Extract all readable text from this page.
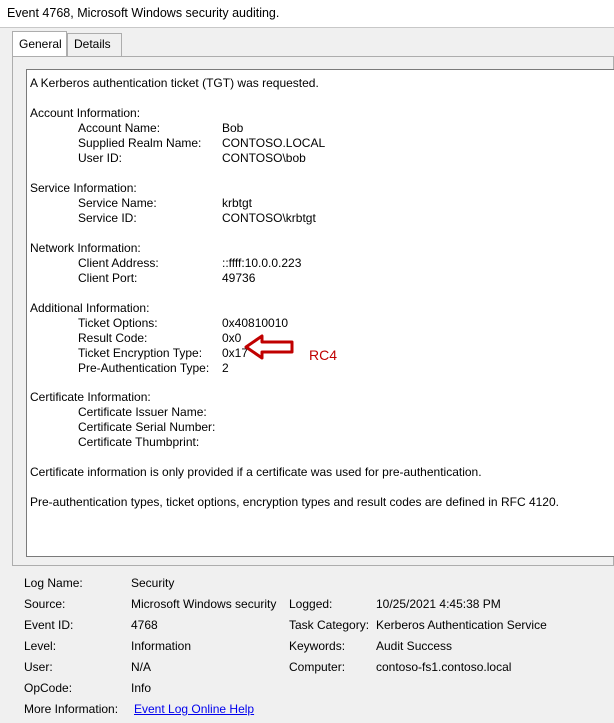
Event 4768, Microsoft Windows security auditing.
General	Details
A Kerberos authentication ticket (TGT) was requested.
Account Information:
Account Name:	Bob
Supplied Realm Name: CONTOSO.LOCAL
User ID:	CONTOSO\bob
Service Information:
Service Name:	krbtgt
Service ID:	CONTOSO\krbtgt
Network Information:
Client Address:	::ffff:10.0.0.223
Client Port:	49736
Additional Information:
Ticket Options:	0x40810010
Result Code:	0x0
Ticket Encryption Type: 0x17
Pre-Authentication Type: 2
Certificate Information:
Certificate Issuer Name:
Certificate Serial Number:
Certificate Thumbprint:
Certificate information is only provided if a certificate was used for pre-authentication.
Pre-authentication types, ticket options, encryption types and result codes are defined in RFC 4120.
RC4
Log Name:	Security
Source:	Microsoft Windows security Logged:	10/25/2021 4:45:38 PM
Event ID:	4768	Task Category: Kerberos Authentication Service
Level:	Information	Keywords:	Audit Success
User:	N/A	Computer:	contoso-fs1.contoso.local
OpCode:	Info
More Information: Event Log Online Help
